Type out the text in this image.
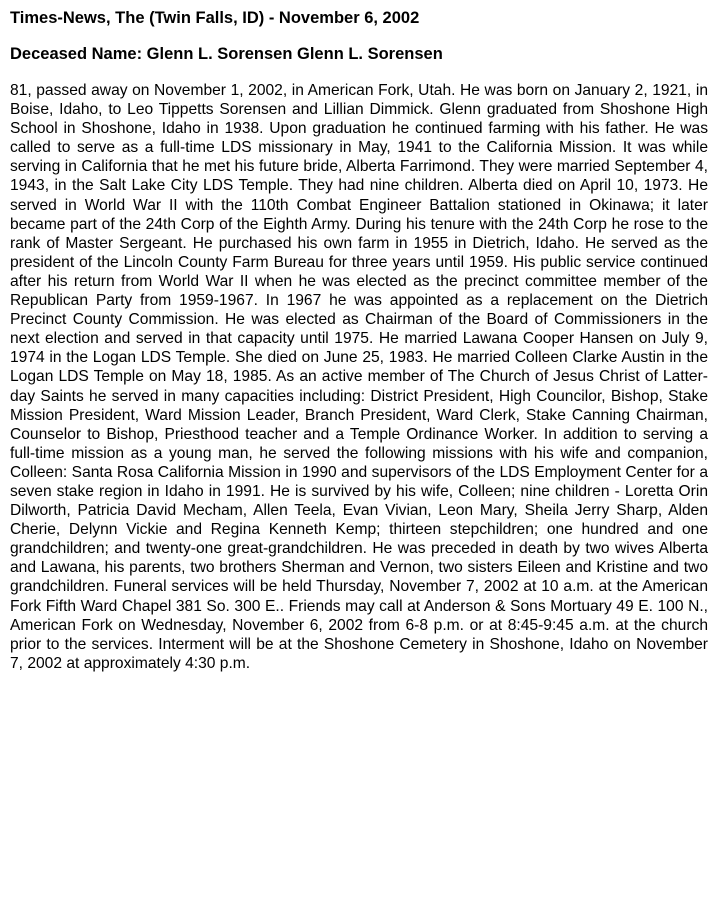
Times-News, The (Twin Falls, ID) - November 6, 2002

Deceased Name: Glenn L. Sorensen Glenn L. Sorensen

81, passed away on November 1, 2002, in American Fork, Utah. He was born on January 2, 1921, in Boise, Idaho, to Leo Tippetts Sorensen and Lillian Dimmick. Glenn graduated from Shoshone High School in Shoshone, Idaho in 1938. Upon graduation he continued farming with his father. He was called to serve as a full-time LDS missionary in May, 1941 to the California Mission. It was while serving in California that he met his future bride, Alberta Farrimond. They were married September 4, 1943, in the Salt Lake City LDS Temple. They had nine children. Alberta died on April 10, 1973. He served in World War II with the 110th Combat Engineer Battalion stationed in Okinawa; it later became part of the 24th Corp of the Eighth Army. During his tenure with the 24th Corp he rose to the rank of Master Sergeant. He purchased his own farm in 1955 in Dietrich, Idaho. He served as the president of the Lincoln County Farm Bureau for three years until 1959. His public service continued after his return from World War II when he was elected as the precinct committee member of the Republican Party from 1959-1967. In 1967 he was appointed as a replacement on the Dietrich Precinct County Commission. He was elected as Chairman of the Board of Commissioners in the next election and served in that capacity until 1975. He married Lawana Cooper Hansen on July 9, 1974 in the Logan LDS Temple. She died on June 25, 1983. He married Colleen Clarke Austin in the Logan LDS Temple on May 18, 1985. As an active member of The Church of Jesus Christ of Latter-day Saints he served in many capacities including: District President, High Councilor, Bishop, Stake Mission President, Ward Mission Leader, Branch President, Ward Clerk, Stake Canning Chairman, Counselor to Bishop, Priesthood teacher and a Temple Ordinance Worker. In addition to serving a full-time mission as a young man, he served the following missions with his wife and companion, Colleen: Santa Rosa California Mission in 1990 and supervisors of the LDS Employment Center for a seven stake region in Idaho in 1991. He is survived by his wife, Colleen; nine children - Loretta Orin Dilworth, Patricia David Mecham, Allen Teela, Evan Vivian, Leon Mary, Sheila Jerry Sharp, Alden Cherie, Delynn Vickie and Regina Kenneth Kemp; thirteen stepchildren; one hundred and one grandchildren; and twenty-one great-grandchildren. He was preceded in death by two wives Alberta and Lawana, his parents, two brothers Sherman and Vernon, two sisters Eileen and Kristine and two grandchildren. Funeral services will be held Thursday, November 7, 2002 at 10 a.m. at the American Fork Fifth Ward Chapel 381 So. 300 E.. Friends may call at Anderson & Sons Mortuary 49 E. 100 N., American Fork on Wednesday, November 6, 2002 from 6-8 p.m. or at 8:45-9:45 a.m. at the church prior to the services. Interment will be at the Shoshone Cemetery in Shoshone, Idaho on November 7, 2002 at approximately 4:30 p.m.
